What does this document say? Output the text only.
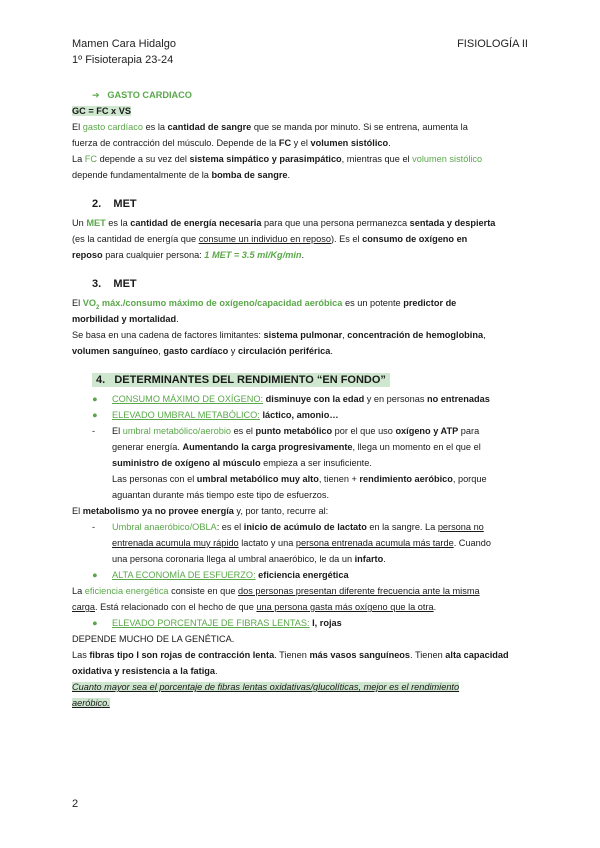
Mamen Cara Hidalgo
1º Fisioterapia 23-24
FISIOLOGÍA II
➔ GASTO CARDIACO
GC = FC x VS
El gasto cardíaco es la cantidad de sangre que se manda por minuto. Si se entrena, aumenta la
fuerza de contracción del músculo. Depende de la FC y el volumen sistólico.
La FC depende a su vez del sistema simpático y parasimpático, mientras que el volumen sistólico
depende fundamentalmente de la bomba de sangre.
2. MET
Un MET es la cantidad de energía necesaria para que una persona permanezca sentada y despierta
(es la cantidad de energía que consume un individuo en reposo). Es el consumo de oxígeno en
reposo para cualquier persona: 1 MET = 3.5 ml/Kg/min.
3. MET
El $VO_2$ máx./consumo máximo de oxígeno/capacidad aeróbica es un potente predictor de
morbilidad y mortalidad.
Se basa en una cadena de factores limitantes: sistema pulmonar, concentración de hemoglobina,
volumen sanguíneo, gasto cardíaco y circulación periférica.
4. DETERMINANTES DEL RENDIMIENTO “EN FONDO”
● CONSUMO MÁXIMO DE OXÍGENO: disminuye con la edad y en personas no entrenadas
● ELEVADO UMBRAL METABÓLICO: láctico, amonio…
- El umbral metabólico/aerobio es el punto metabólico por el que uso oxígeno y ATP para
generar energía. Aumentando la carga progresivamente, llega un momento en el que el
suministro de oxígeno al músculo empieza a ser insuficiente.
Las personas con el umbral metabólico muy alto, tienen + rendimiento aeróbico, porque
aguantan durante más tiempo este tipo de esfuerzos.
El metabolismo ya no provee energía y, por tanto, recurre al:
- Umbral anaeróbico/OBLA: es el inicio de acúmulo de lactato en la sangre. La persona no
entrenada acumula muy rápido lactato y una persona entrenada acumula más tarde. Cuando
una persona coronaria llega al umbral anaeróbico, le da un infarto.
● ALTA ECONOMÍA DE ESFUERZO: eficiencia energética
La eficiencia energética consiste en que dos personas presentan diferente frecuencia ante la misma
carga. Está relacionado con el hecho de que una persona gasta más oxígeno que la otra.
● ELEVADO PORCENTAJE DE FIBRAS LENTAS: I, rojas
DEPENDE MUCHO DE LA GENÉTICA.
Las fibras tipo I son rojas de contracción lenta. Tienen más vasos sanguíneos. Tienen alta capacidad
oxidativa y resistencia a la fatiga.
Cuanto mayor sea el porcentaje de fibras lentas oxidativas/glucolíticas, mejor es el rendimiento
aeróbico.
2
